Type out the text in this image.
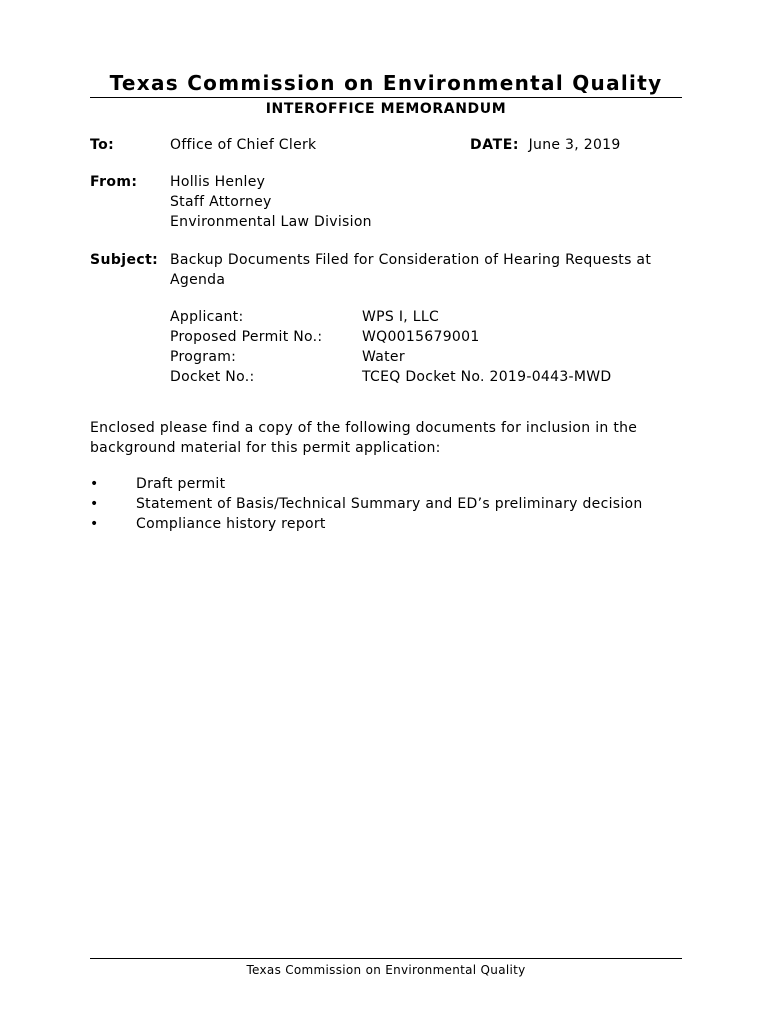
Texas Commission on Environmental Quality
INTEROFFICE MEMORANDUM
To:	Office of Chief Clerk	DATE: June 3, 2019
From: Hollis Henley
Staff Attorney
Environmental Law Division
Subject: Backup Documents Filed for Consideration of Hearing Requests at
Agenda
Applicant:	WPS I, LLC
Proposed Permit No.:	WQ0015679001
Program:	Water
Docket No.:	TCEQ Docket No. 2019-0443-MWD
Enclosed please find a copy of the following documents for inclusion in the
background material for this permit application:
•	Draft permit
•	Statement of Basis/Technical Summary and ED’s preliminary decision
•	Compliance history report
Texas Commission on Environmental Quality
